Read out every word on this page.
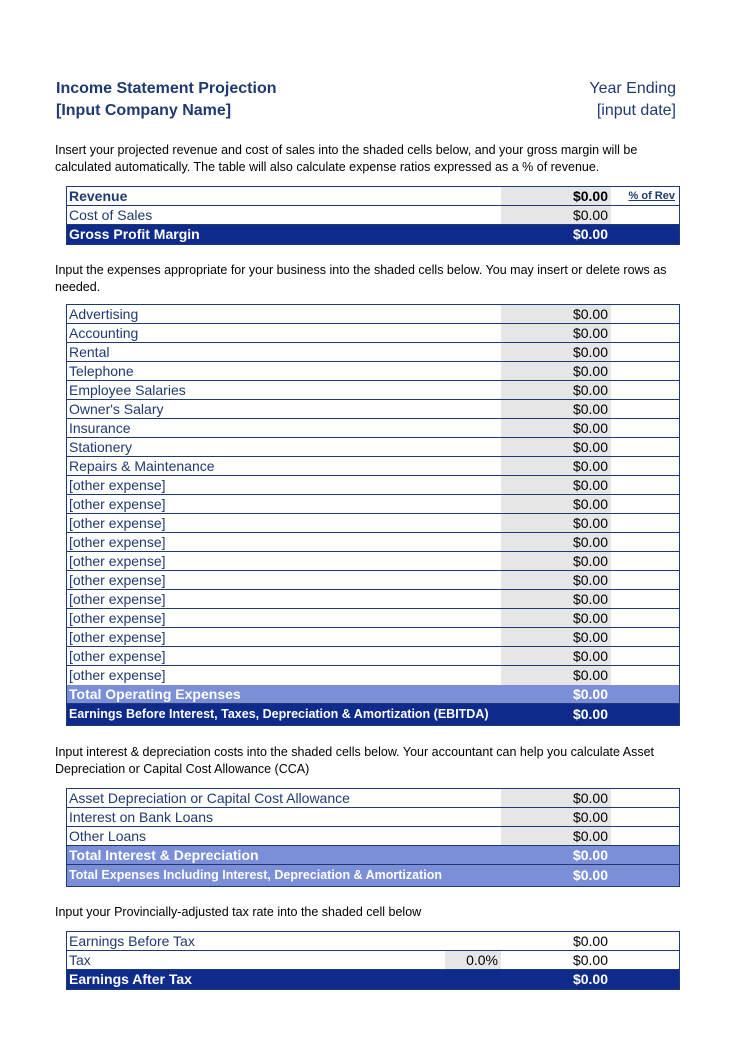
Income Statement Projection
[Input Company Name]
Year Ending
[input date]
Insert your projected revenue and cost of sales into the shaded cells below, and your gross margin will be calculated automatically. The table will also calculate expense ratios expressed as a % of revenue.
Revenue	$0.00 % of Rev
Cost of Sales	$0.00
Gross Profit Margin	$0.00
Input the expenses appropriate for your business into the shaded cells below. You may insert or delete rows as needed.
Advertising	$0.00
Accounting	$0.00
Rental	$0.00
Telephone	$0.00
Employee Salaries	$0.00
Owner's Salary	$0.00
Insurance	$0.00
Stationery	$0.00
Repairs & Maintenance	$0.00
[other expense]	$0.00
[other expense]	$0.00
[other expense]	$0.00
[other expense]	$0.00
[other expense]	$0.00
[other expense]	$0.00
[other expense]	$0.00
[other expense]	$0.00
[other expense]	$0.00
[other expense]	$0.00
[other expense]	$0.00
Total Operating Expenses	$0.00
Earnings Before Interest, Taxes, Depreciation & Amortization (EBITDA)	$0.00
Input interest & depreciation costs into the shaded cells below. Your accountant can help you calculate Asset Depreciation or Capital Cost Allowance (CCA)
Asset Depreciation or Capital Cost Allowance	$0.00
Interest on Bank Loans	$0.00
Other Loans	$0.00
Total Interest & Depreciation	$0.00
Total Expenses Including Interest, Depreciation & Amortization	$0.00
Input your Provincially-adjusted tax rate into the shaded cell below
Earnings Before Tax	$0.00
Tax	0.0%	$0.00
Earnings After Tax	$0.00
